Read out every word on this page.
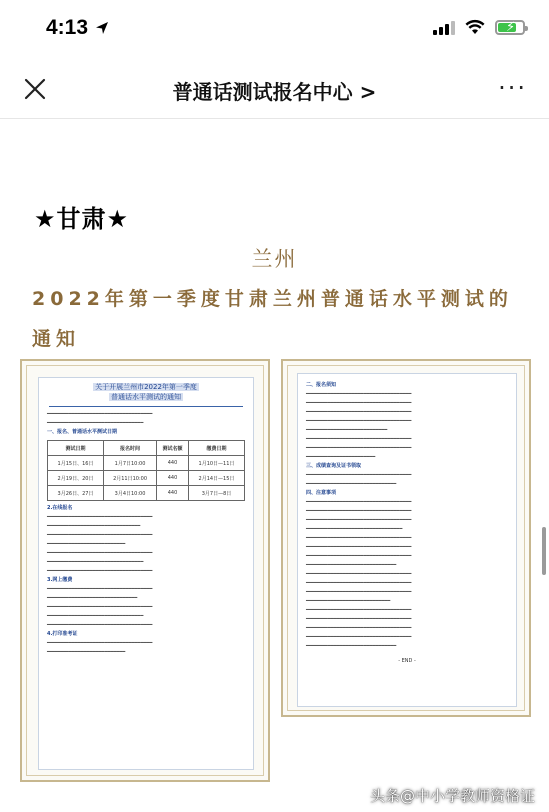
4:13	⚡
普通话测试报名中心 >	···
★甘肃★
兰州
2022年第一季度甘肃兰州普通话水平测试的通知
关于开展兰州市2022年第一季度
普通话水平测试的通知
━━━━━━━━━━━━━━━━━━━━━━━━━━━━━━━━━━━
━━━━━━━━━━━━━━━━━━━━━━━━━━━━━━━━
一、报名、普通话水平测试日期
测试日期	报名时间	测试名额	缴费日期
1月15日、16日	1月7日10:00	440	1月10日—11日
2月19日、20日	2月11日10:00	440	2月14日—15日
3月26日、27日	3月4日10:00	440	3月7日—8日
2.在线报名
━━━━━━━━━━━━━━━━━━━━━━━━━━━━━━━━━━━
━━━━━━━━━━━━━━━━━━━━━━━━━━━━━━━
━━━━━━━━━━━━━━━━━━━━━━━━━━━━━━━━━━━
━━━━━━━━━━━━━━━━━━━━━━━━━━
━━━━━━━━━━━━━━━━━━━━━━━━━━━━━━━━━━━
━━━━━━━━━━━━━━━━━━━━━━━━━━━━━━━━
━━━━━━━━━━━━━━━━━━━━━━━━━━━━━━━━━━━
3.网上缴费
━━━━━━━━━━━━━━━━━━━━━━━━━━━━━━━━━━━
━━━━━━━━━━━━━━━━━━━━━━━━━━━━━━
━━━━━━━━━━━━━━━━━━━━━━━━━━━━━━━━━━━
━━━━━━━━━━━━━━━━━━━━━━━━━━━━━━━━
━━━━━━━━━━━━━━━━━━━━━━━━━━━━━━━━━━━
4.打印准考证
━━━━━━━━━━━━━━━━━━━━━━━━━━━━━━━━━━━
━━━━━━━━━━━━━━━━━━━━━━━━━━
二、报名须知
━━━━━━━━━━━━━━━━━━━━━━━━━━━━━━━━━━━
━━━━━━━━━━━━━━━━━━━━━━━━━━━━━━━━━━━
━━━━━━━━━━━━━━━━━━━━━━━━━━━━━━━━━━━
━━━━━━━━━━━━━━━━━━━━━━━━━━━━━━━━━━━
━━━━━━━━━━━━━━━━━━━━━━━━━━━
━━━━━━━━━━━━━━━━━━━━━━━━━━━━━━━━━━━
━━━━━━━━━━━━━━━━━━━━━━━━━━━━━━━━━━━
━━━━━━━━━━━━━━━━━━━━━━━
三、成绩查询及证书领取
━━━━━━━━━━━━━━━━━━━━━━━━━━━━━━━━━━━
━━━━━━━━━━━━━━━━━━━━━━━━━━━━━━
四、注意事项
━━━━━━━━━━━━━━━━━━━━━━━━━━━━━━━━━━━
━━━━━━━━━━━━━━━━━━━━━━━━━━━━━━━━━━━
━━━━━━━━━━━━━━━━━━━━━━━━━━━━━━━━━━━
━━━━━━━━━━━━━━━━━━━━━━━━━━━━━━━━
━━━━━━━━━━━━━━━━━━━━━━━━━━━━━━━━━━━
━━━━━━━━━━━━━━━━━━━━━━━━━━━━━━━━━━━
━━━━━━━━━━━━━━━━━━━━━━━━━━━━━━━━━━━
━━━━━━━━━━━━━━━━━━━━━━━━━━━━━━
━━━━━━━━━━━━━━━━━━━━━━━━━━━━━━━━━━━
━━━━━━━━━━━━━━━━━━━━━━━━━━━━━━━━━━━
━━━━━━━━━━━━━━━━━━━━━━━━━━━━━━━━━━━
━━━━━━━━━━━━━━━━━━━━━━━━━━━━
━━━━━━━━━━━━━━━━━━━━━━━━━━━━━━━━━━━
━━━━━━━━━━━━━━━━━━━━━━━━━━━━━━━━━━━
━━━━━━━━━━━━━━━━━━━━━━━━━━━━━━━━━━━
━━━━━━━━━━━━━━━━━━━━━━━━━━━━━━━━━━━
━━━━━━━━━━━━━━━━━━━━━━━━━━━━━━
- END -
头条@中小学教师资格证
